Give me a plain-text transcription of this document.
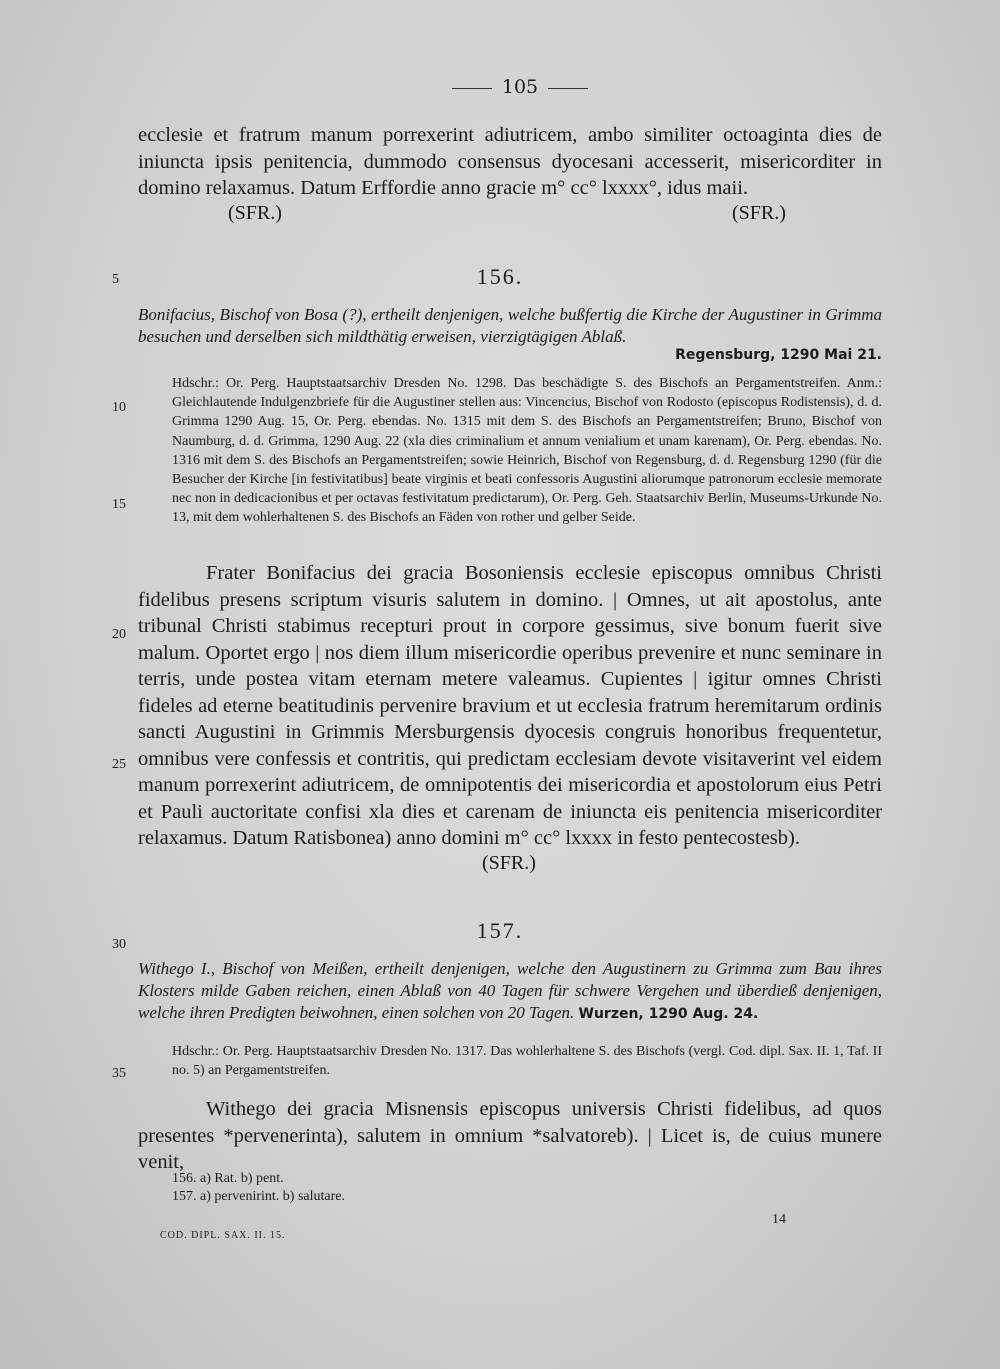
105

ecclesie et fratrum manum porrexerint adiutricem, ambo similiter octoaginta dies de iniuncta ipsis penitencia, dummodo consensus dyocesani accesserit, misericorditer in domino relaxamus. Datum Erffordie anno gracie m° cc° lxxxx°, idus maii.

(SFR.)	(SFR.)
156.
Bonifacius, Bischof von Bosa (?), ertheilt denjenigen, welche bußfertig die Kirche der Augustiner in Grimma besuchen und derselben sich mildthätig erweisen, vierzigtägigen Ablaß.
Regensburg, 1290 Mai 21.
Hdschr.: Or. Perg. Hauptstaatsarchiv Dresden No. 1298. Das beschädigte S. des Bischofs an Pergamentstreifen. Anm.: Gleichlautende Indulgenzbriefe für die Augustiner stellen aus: Vincencius, Bischof von Rodosto (episcopus Rodistensis), d. d. Grimma 1290 Aug. 15, Or. Perg. ebendas. No. 1315 mit dem S. des Bischofs an Pergamentstreifen; Bruno, Bischof von Naumburg, d. d. Grimma, 1290 Aug. 22 (xla dies criminalium et annum venialium et unam karenam), Or. Perg. ebendas. No. 1316 mit dem S. des Bischofs an Pergamentstreifen; sowie Heinrich, Bischof von Regensburg, d. d. Regensburg 1290 (für die Besucher der Kirche [in festivitatibus] beate virginis et beati confessoris Augustini aliorumque patronorum ecclesie memorate nec non in dedicacionibus et per octavas festivitatum predictarum), Or. Perg. Geh. Staatsarchiv Berlin, Museums-Urkunde No. 13, mit dem wohlerhaltenen S. des Bischofs an Fäden von rother und gelber Seide.
Frater Bonifacius dei gracia Bosoniensis ecclesie episcopus omnibus Christi fidelibus presens scriptum visuris salutem in domino. | Omnes, ut ait apostolus, ante tribunal Christi stabimus recepturi prout in corpore gessimus, sive bonum fuerit sive malum. Oportet ergo | nos diem illum misericordie operibus prevenire et nunc seminare in terris, unde postea vitam eternam metere valeamus. Cupientes | igitur omnes Christi fideles ad eterne beatitudinis pervenire bravium et ut ecclesia fratrum heremitarum ordinis sancti Augustini in Grimmis Mersburgensis dyocesis congruis honoribus frequentetur, omnibus vere confessis et contritis, qui predictam ecclesiam devote visitaverint vel eidem manum porrexerint adiutricem, de omnipotentis dei misericordia et apostolorum eius Petri et Pauli auctoritate confisi xla dies et carenam de iniuncta eis penitencia misericorditer relaxamus. Datum Ratisbonea) anno domini m° cc° lxxxx in festo pentecostesb).
(SFR.)
157.
Withego I., Bischof von Meißen, ertheilt denjenigen, welche den Augustinern zu Grimma zum Bau ihres Klosters milde Gaben reichen, einen Ablaß von 40 Tagen für schwere Vergehen und überdieß denjenigen, welche ihren Predigten beiwohnen, einen solchen von 20 Tagen. Wurzen, 1290 Aug. 24.
Hdschr.: Or. Perg. Hauptstaatsarchiv Dresden No. 1317. Das wohlerhaltene S. des Bischofs (vergl. Cod. dipl. Sax. II. 1, Taf. II no. 5) an Pergamentstreifen.
Withego dei gracia Misnensis episcopus universis Christi fidelibus, ad quos presentes *pervenerinta), salutem in omnium *salvatoreb). | Licet is, de cuius munere venit,
5
10
15
20
25
30
35
156. a) Rat. b) pent.
157. a) pervenirint. b) salutare.
COD. DIPL. SAX. II. 15.
14
